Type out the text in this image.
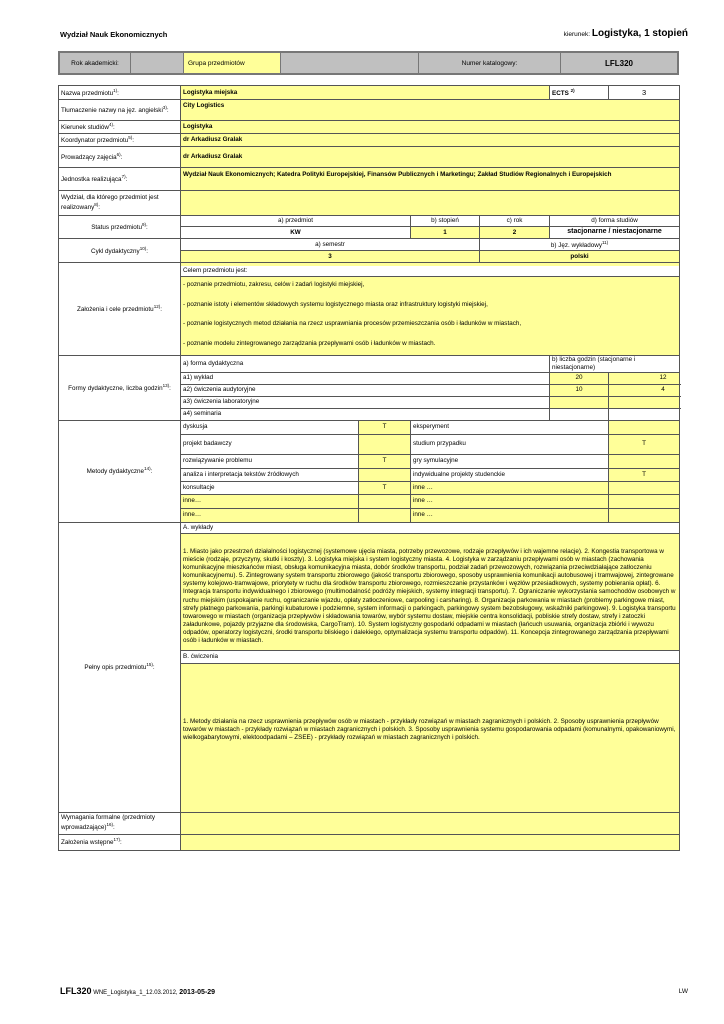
Wydział Nauk Ekonomicznych	kierunek: Logistyka, 1 stopień
Rok akademicki:	Grupa przedmiotów	Numer katalogowy:	LFL320
Nazwa przedmiotu$^{1)}$:	Logistyka miejska				ECTS $^{2)}$	3
Tłumaczenie nazwy na jęz. angielski$^{3)}$:	City Logistics					
Kierunek studiów$^{4)}$:	Logistyka					
Koordynator przedmiotu$^{5)}$:	dr Arkadiusz Gralak					
Prowadzący zajęcia$^{6)}$:	dr Arkadiusz Gralak					
Jednostka realizująca$^{7)}$:	Wydział Nauk Ekonomicznych; Katedra Polityki Europejskiej, Finansów Publicznych i Marketingu; Zakład Studiów Regionalnych i Europejskich					
Wydział, dla którego przedmiot jest realizowany$^{8)}$:						
Status przedmiotu$^{9)}$:	a) przedmiot		b) stopień	c) rok	d) forma studiów	
	KW		1	2	stacjonarne / niestacjonarne	
Cykl dydaktyczny$^{10)}$:	a) semestr			b) Jęz. wykładowy$^{11)}$
	3			polski		
Założenia i cele przedmiotu$^{12)}$:	Celem przedmiotu jest:
- poznanie przedmiotu, zakresu, celów i zadań logistyki miejskiej,
- poznanie istoty i elementów składowych systemu logistycznego miasta oraz infrastruktury logistyki miejskiej,
- poznanie logistycznych metod działania na rzecz usprawniania procesów przemieszczania osób i ładunków w miastach,
- poznanie modelu zintegrowanego zarządzania przepływami osób i ładunków w miastach.					

Formy dydaktyczne, liczba godzin$^{13)}$:	a) forma dydaktyczna				b) liczba godzin (stacjonarne i niestacjonarne)	
	a1) wykład				20	12
	a2) ćwiczenia audytoryjne				10	4
	a3) ćwiczenia laboratoryjne					
	a4) seminaria					
Metody dydaktyczne$^{14)}$:	dyskusja	T	eksperyment			
	projekt badawczy		studium przypadku			T
	rozwiązywanie problemu	T	gry symulacyjne			
	analiza i interpretacja tekstów źródłowych		indywidualne projekty studenckie			T
	konsultacje	T	inne …			
	inne…		inne …			
	inne…		inne …			
Pełny opis przedmiotu$^{15)}$:	A. wykłady
1. Miasto jako przestrzeń działalności logistycznej (systemowe ujęcia miasta, potrzeby przewozowe, rodzaje przepływów i ich wajemne relacje). 2. Kongestia transportowa w mieście (rodzaje, przyczyny, skutki i koszty). 3. Logistyka miejska i system logistyczny miasta. 4. Logistyka w zarządzaniu przepływami osób w miastach (zachowania komunikacyjne mieszkańców miast, obsługa komunikacyjna miasta, dobór środków transportu, podział zadań przewozowych, rozwiązania przeciwdziałające zatłoczeniu komunikacyjnemu). 5. Zintegrowany system transportu zbiorowego (jakość transportu zbiorowego, sposoby usprawnienia komunikacji autobusowej i tramwajowej, zintegrowane systemy kolejowo-tramwajowe, priorytety w ruchu dla środków transportu zbiorowego, rozmieszczanie przystanków i węzłów przesiadkowych, systemy pobierania opłat). 6. Integracja transportu indywidualnego i zbiorowego (multimodalność podróży miejskich, systemy integracji transportu). 7. Ograniczanie wykorzystania samochodów osobowych w ruchu miejskim (uspokajanie ruchu, ograniczanie wjazdu, opłaty zatłoczeniowe, carpooling i carsharing). 8. Organizacja parkowania w miastach (problemy parkingowe miast, strefy płatnego parkowania, parkingi kubaturowe i podziemne, system informacji o parkingach, parkingowy system bezobsługowy, wskaźniki parkingowe). 9. Logistyka transportu towarowego w miastach (organizacja przepływów i składowania towarów, wybór systemu dostaw, miejskie centra konsolidacji, pobliskie strefy dostaw, strefy i zatoczki załadunkowe, pojazdy przyjazne dla środowiska, CargoTram). 10. System logistyczny gospodarki odpadami w miastach (łańcuch usuwania, organizacja zbiórki i wywozu odpadów, operatorzy logistyczni, środki transportu bliskiego i dalekiego, optymalizacja systemu transportu odpadów). 11. Koncepcja zintegrowanego zarządzania przepływami osób i ładunków w miastach.
B. ćwiczenia
1. Metody działania na rzecz usprawnienia przepływów osób w miastach - przykłady rozwiązań w miastach zagranicznych i polskich. 2. Sposoby usprawnienia przepływów towarów w miastach - przykłady rozwiązań w miastach zagranicznych i polskich. 3. Sposoby usprawnienia systemu gospodarowania odpadami (komunalnymi, opakowaniowymi, wielkogabarytowymi, elektoodpadami – ZSEE) - przykłady rozwiązań w miastach zagranicznych i polskich.					

Wymagania formalne (przedmioty wprowadzające)$^{16)}$:						
Założenia wstępne$^{17)}$:						
LFL320 WNE_Logistyka_1_12.03.2012, 2013-05-29	LW
